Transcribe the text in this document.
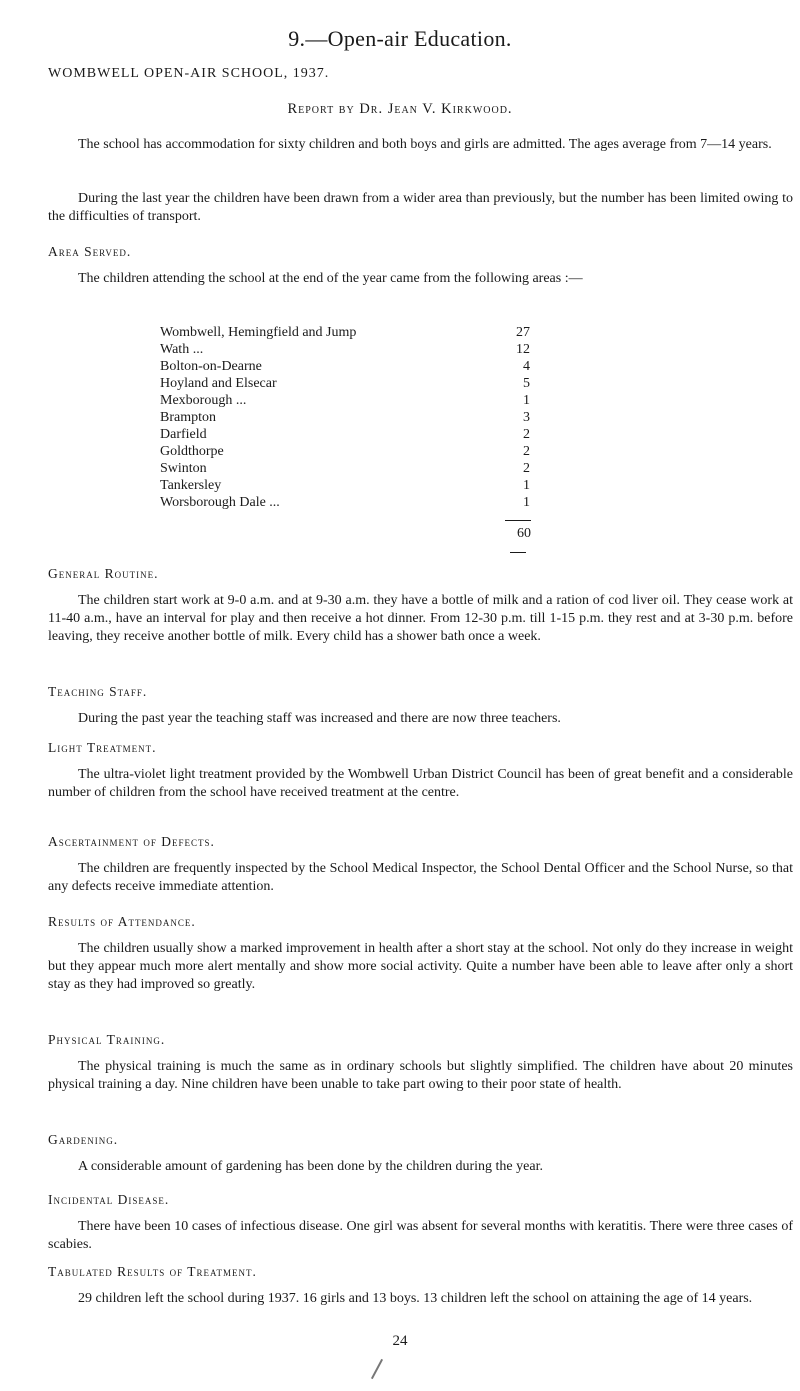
9.—Open-air Education.
WOMBWELL OPEN-AIR SCHOOL, 1937.
Report by Dr. Jean V. Kirkwood.
The school has accommodation for sixty children and both boys and girls are admitted. The ages average from 7—14 years.
During the last year the children have been drawn from a wider area than previously, but the number has been limited owing to the difficulties of transport.
Area Served.
The children attending the school at the end of the year came from the following areas :—
Wombwell, Hemingfield and Jump	27
Wath ...	12
Bolton-on-Dearne	4
Hoyland and Elsecar	5
Mexborough ...	1
Brampton	3
Darfield	2
Goldthorpe	2
Swinton	2
Tankersley	1
Worsborough Dale ...	1
60
General Routine.
The children start work at 9-0 a.m. and at 9-30 a.m. they have a bottle of milk and a ration of cod liver oil. They cease work at 11-40 a.m., have an interval for play and then receive a hot dinner. From 12-30 p.m. till 1-15 p.m. they rest and at 3-30 p.m. before leaving, they receive another bottle of milk. Every child has a shower bath once a week.
Teaching Staff.
During the past year the teaching staff was increased and there are now three teachers.
Light Treatment.
The ultra-violet light treatment provided by the Wombwell Urban District Council has been of great benefit and a considerable number of children from the school have received treatment at the centre.
Ascertainment of Defects.
The children are frequently inspected by the School Medical Inspector, the School Dental Officer and the School Nurse, so that any defects receive immediate attention.
Results of Attendance.
The children usually show a marked improvement in health after a short stay at the school. Not only do they increase in weight but they appear much more alert mentally and show more social activity. Quite a number have been able to leave after only a short stay as they had improved so greatly.
Physical Training.
The physical training is much the same as in ordinary schools but slightly simplified. The children have about 20 minutes physical training a day. Nine children have been unable to take part owing to their poor state of health.
Gardening.
A considerable amount of gardening has been done by the children during the year.
Incidental Disease.
There have been 10 cases of infectious disease. One girl was absent for several months with keratitis. There were three cases of scabies.
Tabulated Results of Treatment.
29 children left the school during 1937. 16 girls and 13 boys. 13 children left the school on attaining the age of 14 years.
24
